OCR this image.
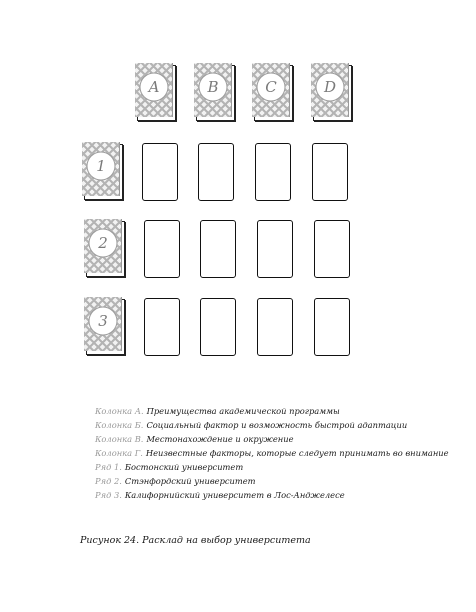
A	B	C	D
1
2
3
Колонка А. Преимущества академической программы
Колонка Б. Социальный фактор и возможность быстрой адаптации
Колонка В. Местонахождение и окружение
Колонка Г. Неизвестные факторы, которые следует принимать во внимание
Ряд 1. Бостонский университет
Ряд 2. Стэнфордский университет
Ряд 3. Калифорнийский университет в Лос-Анджелесе
Рисунок 24. Расклад на выбор университета
